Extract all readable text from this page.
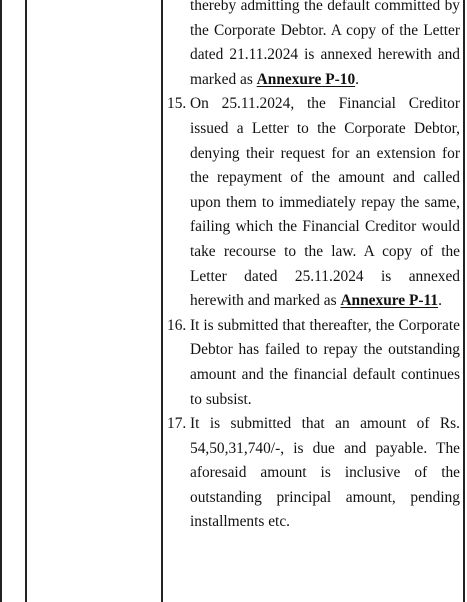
thereby admitting the default committed by the Corporate Debtor. A copy of the Letter dated 21.11.2024 is annexed herewith and marked as Annexure P-10.

15. On 25.11.2024, the Financial Creditor issued a Letter to the Corporate Debtor, denying their request for an extension for the repayment of the amount and called upon them to immediately repay the same, failing which the Financial Creditor would take recourse to the law. A copy of the Letter dated 25.11.2024 is annexed herewith and marked as Annexure P-11.

16. It is submitted that thereafter, the Corporate Debtor has failed to repay the outstanding amount and the financial default continues to subsist.

17. It is submitted that an amount of Rs. 54,50,31,740/-, is due and payable. The aforesaid amount is inclusive of the outstanding principal amount, pending installments etc.
